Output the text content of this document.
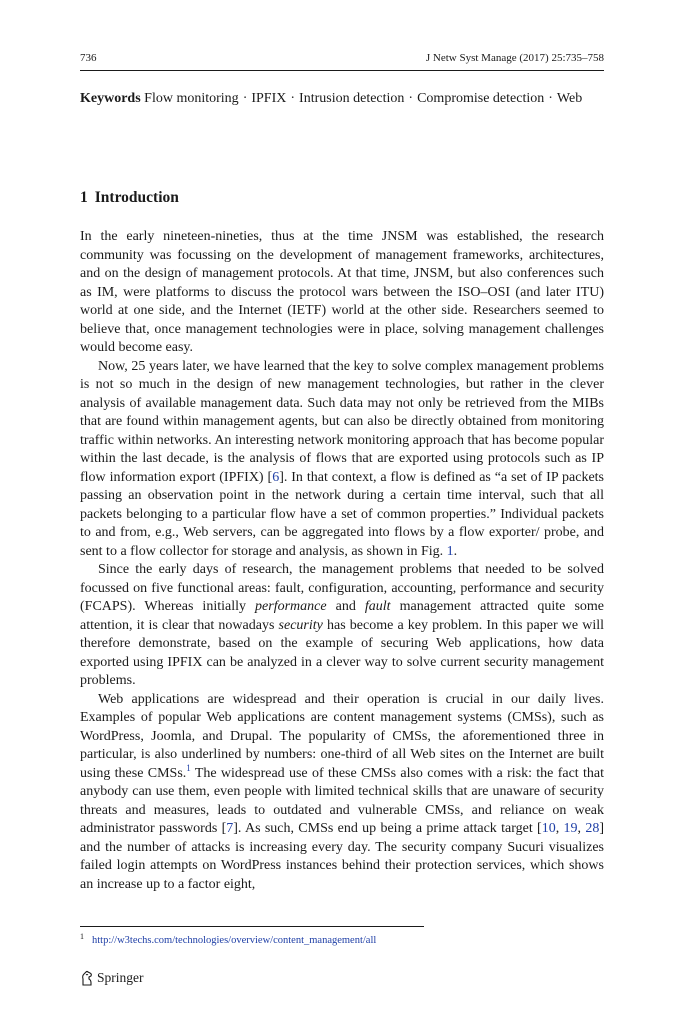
736	J Netw Syst Manage (2017) 25:735–758
Keywords Flow monitoring · IPFIX · Intrusion detection · Compromise detection · Web
1 Introduction

In the early nineteen-nineties, thus at the time JNSM was established, the research community was focussing on the development of management frameworks, architectures, and on the design of management protocols. At that time, JNSM, but also conferences such as IM, were platforms to discuss the protocol wars between the ISO–OSI (and later ITU) world at one side, and the Internet (IETF) world at the other side. Researchers seemed to believe that, once management technologies were in place, solving management challenges would become easy.

Now, 25 years later, we have learned that the key to solve complex management problems is not so much in the design of new management technologies, but rather in the clever analysis of available management data. Such data may not only be retrieved from the MIBs that are found within management agents, but can also be directly obtained from monitoring traffic within networks. An interesting network monitoring approach that has become popular within the last decade, is the analysis of flows that are exported using protocols such as IP flow information export (IPFIX) [6]. In that context, a flow is defined as “a set of IP packets passing an observation point in the network during a certain time interval, such that all packets belonging to a particular flow have a set of common properties.” Individual packets to and from, e.g., Web servers, can be aggregated into flows by a flow exporter/ probe, and sent to a flow collector for storage and analysis, as shown in Fig. 1.

Since the early days of research, the management problems that needed to be solved focussed on five functional areas: fault, configuration, accounting, performance and security (FCAPS). Whereas initially performance and fault management attracted quite some attention, it is clear that nowadays security has become a key problem. In this paper we will therefore demonstrate, based on the example of securing Web applications, how data exported using IPFIX can be analyzed in a clever way to solve current security management problems.

Web applications are widespread and their operation is crucial in our daily lives. Examples of popular Web applications are content management systems (CMSs), such as WordPress, Joomla, and Drupal. The popularity of CMSs, the aforementioned three in particular, is also underlined by numbers: one-third of all Web sites on the Internet are built using these CMSs.$^1$ The widespread use of these CMSs also comes with a risk: the fact that anybody can use them, even people with limited technical skills that are unaware of security threats and measures, leads to outdated and vulnerable CMSs, and reliance on weak administrator passwords [7]. As such, CMSs end up being a prime attack target [10, 19, 28] and the number of attacks is increasing every day. The security company Sucuri visualizes failed login attempts on WordPress instances behind their protection services, which shows an increase up to a factor eight,

$^1$ http://w3techs.com/technologies/overview/content_management/all
Springer
